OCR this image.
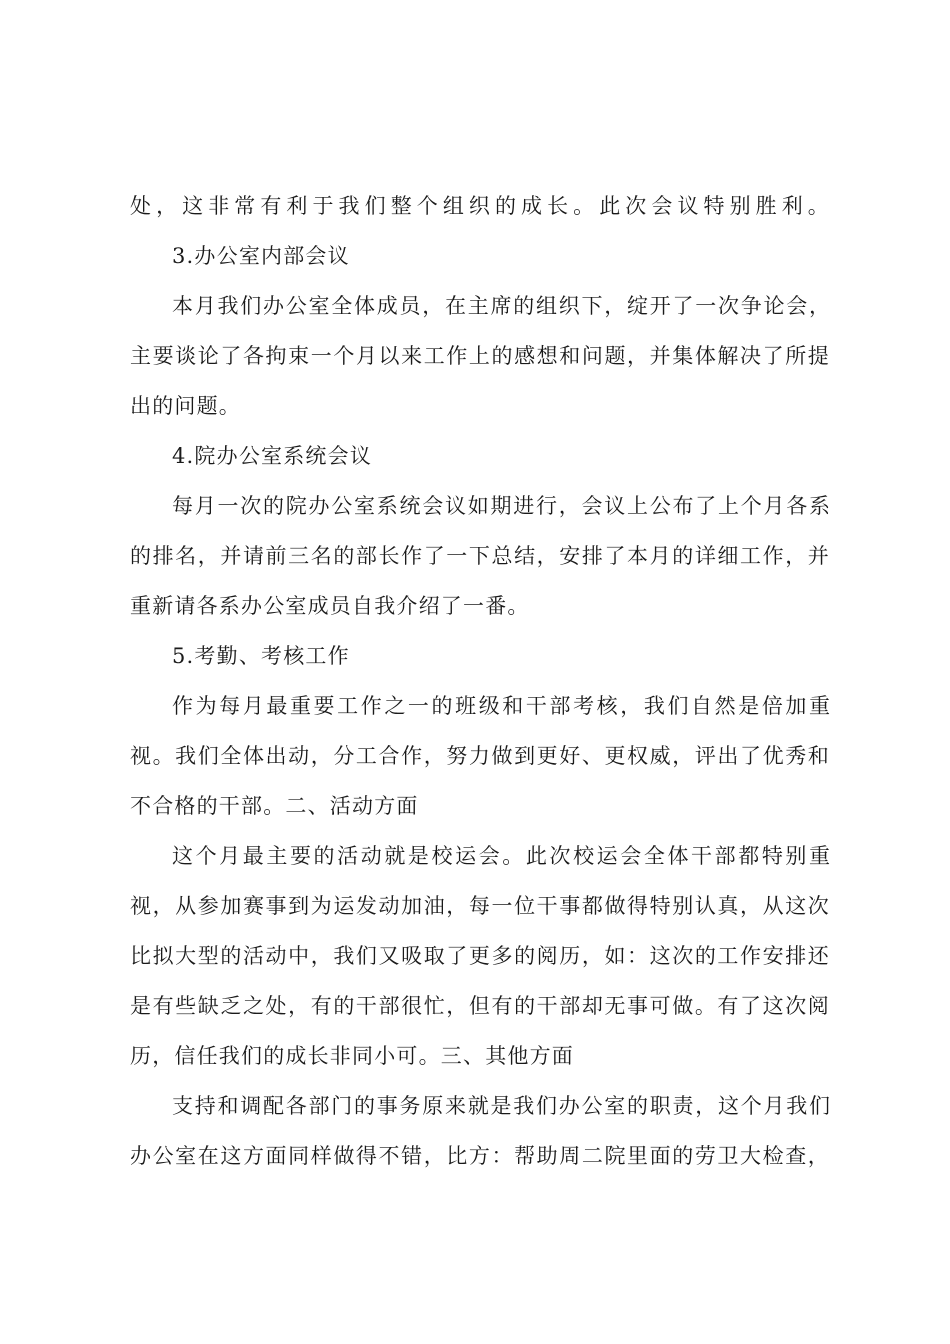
处，这非常有利于我们整个组织的成长。此次会议特别胜利。
3.办公室内部会议
本月我们办公室全体成员，在主席的组织下，绽开了一次争论会，
主要谈论了各拘束一个月以来工作上的感想和问题，并集体解决了所提
出的问题。
4.院办公室系统会议
每月一次的院办公室系统会议如期进行，会议上公布了上个月各系
的排名，并请前三名的部长作了一下总结，安排了本月的详细工作，并
重新请各系办公室成员自我介绍了一番。
5.考勤、考核工作
作为每月最重要工作之一的班级和干部考核，我们自然是倍加重
视。我们全体出动，分工合作，努力做到更好、更权威，评出了优秀和
不合格的干部。二、活动方面
这个月最主要的活动就是校运会。此次校运会全体干部都特别重
视，从参加赛事到为运发动加油，每一位干事都做得特别认真，从这次
比拟大型的活动中，我们又吸取了更多的阅历，如：这次的工作安排还
是有些缺乏之处，有的干部很忙，但有的干部却无事可做。有了这次阅
历，信任我们的成长非同小可。三、其他方面
支持和调配各部门的事务原来就是我们办公室的职责，这个月我们
办公室在这方面同样做得不错，比方：帮助周二院里面的劳卫大检查，
